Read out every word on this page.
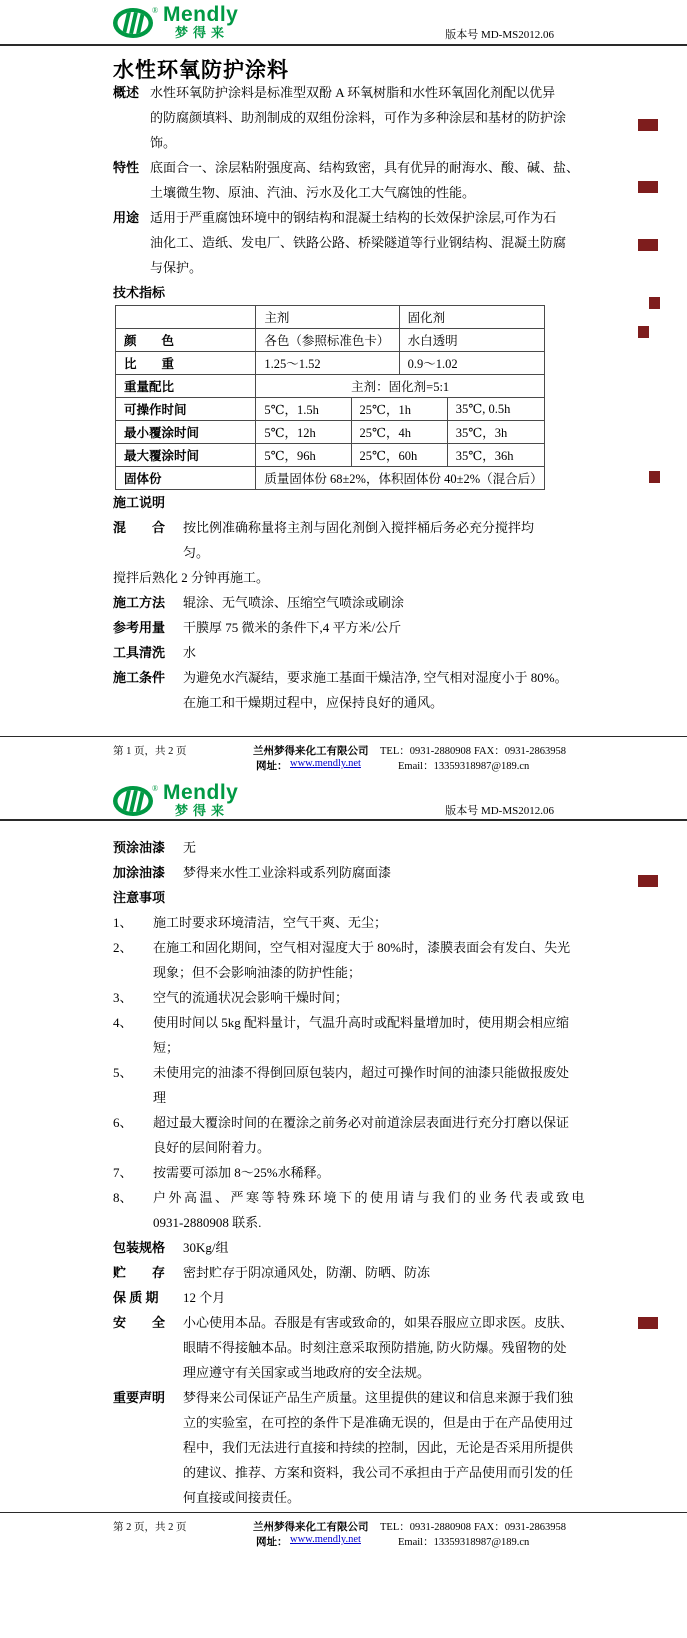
® Mendly
梦得来	版本号 MD-MS2012.06
水性环氧防护涂料
概述 水性环氧防护涂料是标准型双酚 A 环氧树脂和水性环氧固化剂配以优异
的防腐颜填料、助剂制成的双组份涂料，可作为多种涂层和基材的防护涂
饰。
特性 底面合一、涂层粘附强度高、结构致密，具有优异的耐海水、酸、碱、盐、
土壤微生物、原油、汽油、污水及化工大气腐蚀的性能。
用途 适用于严重腐蚀环境中的钢结构和混凝土结构的长效保护涂层,可作为石
油化工、造纸、发电厂、铁路公路、桥梁隧道等行业钢结构、混凝土防腐
与保护。
技术指标
	主剂		固化剂	
颜　　色	各色（参照标准色卡）		水白透明	
比　　重	1.25～1.52		0.9～1.02	
重量配比	主剂：固化剂=5:1			
可操作时间	5℃，1.5h	25℃，1h		35℃, 0.5h
最小覆涂时间	5℃，12h	25℃，4h		35℃，3h
最大覆涂时间	5℃，96h	25℃，60h		35℃，36h
固体份	质量固体份 68±2%，体积固体份 40±2%（混合后）			
施工说明
混　　合	按比例准确称量将主剂与固化剂倒入搅拌桶后务必充分搅拌均匀。
搅拌后熟化 2 分钟再施工。
施工方法	辊涂、无气喷涂、压缩空气喷涂或刷涂
参考用量	干膜厚 75 微米的条件下,4 平方米/公斤
工具清洗	水
施工条件	为避免水汽凝结，要求施工基面干燥洁净, 空气相对湿度小于 80%。
在施工和干燥期过程中，应保持良好的通风。
第 1 页，共 2 页	兰州梦得来化工有限公司 TEL：0931-2880908 FAX：0931-2863958
网址： www.mendly.net	Email：13359318987@189.cn
® Mendly
梦得来	版本号 MD-MS2012.06
预涂油漆	无
加涂油漆	梦得来水性工业涂料或系列防腐面漆
注意事项
1、	施工时要求环境清洁，空气干爽、无尘；
2、	在施工和固化期间，空气相对湿度大于 80%时，漆膜表面会有发白、失光
现象；但不会影响油漆的防护性能；
3、	空气的流通状况会影响干燥时间；
4、	使用时间以 5kg 配料量计，气温升高时或配料量增加时，使用期会相应缩
短；
5、	未使用完的油漆不得倒回原包装内，超过可操作时间的油漆只能做报废处
理
6、	超过最大覆涂时间的在覆涂之前务必对前道涂层表面进行充分打磨以保证
良好的层间附着力。
7、	按需要可添加 8～25%水稀释。
8、	户外高温、严寒等特殊环境下的使用请与我们的业务代表或致电
0931-2880908 联系.
包装规格	30Kg/组
贮　　存	密封贮存于阴凉通风处，防潮、防晒、防冻
保 质 期	12 个月
安　　全	小心使用本品。吞服是有害或致命的，如果吞服应立即求医。皮肤、
眼睛不得接触本品。时刻注意采取预防措施, 防火防爆。残留物的处
理应遵守有关国家或当地政府的安全法规。
重要声明	梦得来公司保证产品生产质量。这里提供的建议和信息来源于我们独
立的实验室，在可控的条件下是准确无误的，但是由于在产品使用过
程中，我们无法进行直接和持续的控制，因此，无论是否采用所提供
的建议、推荐、方案和资料，我公司不承担由于产品使用而引发的任
何直接或间接责任。
第 2 页，共 2 页	兰州梦得来化工有限公司 TEL：0931-2880908 FAX：0931-2863958
网址： www.mendly.net	Email：13359318987@189.cn
